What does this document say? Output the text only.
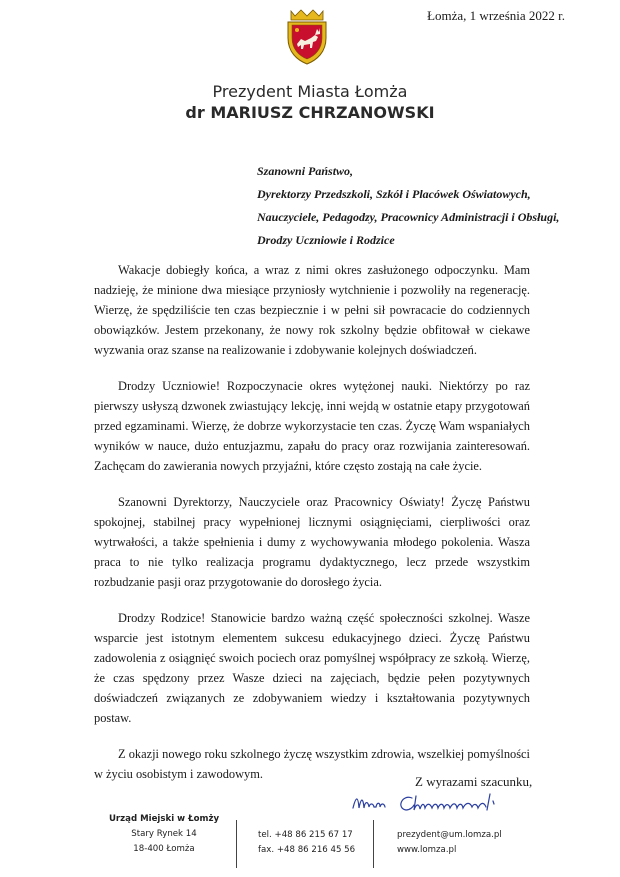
Łomża, 1 września 2022 r.
Prezydent Miasta Łomża
dr MARIUSZ CHRZANOWSKI
Szanowni Państwo,
Dyrektorzy Przedszkoli, Szkół i Placówek Oświatowych,
Nauczyciele, Pedagodzy, Pracownicy Administracji i Obsługi,
Drodzy Uczniowie i Rodzice

Wakacje dobiegły końca, a wraz z nimi okres zasłużonego odpoczynku. Mam nadzieję, że minione dwa miesiące przyniosły wytchnienie i pozwoliły na regenerację. Wierzę, że spędziliście ten czas bezpiecznie i w pełni sił powracacie do codziennych obowiązków. Jestem przekonany, że nowy rok szkolny będzie obfitował w ciekawe wyzwania oraz szanse na realizowanie i zdobywanie kolejnych doświadczeń.

Drodzy Uczniowie! Rozpoczynacie okres wytężonej nauki. Niektórzy po raz pierwszy usłyszą dzwonek zwiastujący lekcję, inni wejdą w ostatnie etapy przygotowań przed egzaminami. Wierzę, że dobrze wykorzystacie ten czas. Życzę Wam wspaniałych wyników w nauce, dużo entuzjazmu, zapału do pracy oraz rozwijania zainteresowań. Zachęcam do zawierania nowych przyjaźni, które często zostają na całe życie.

Szanowni Dyrektorzy, Nauczyciele oraz Pracownicy Oświaty! Życzę Państwu spokojnej, stabilnej pracy wypełnionej licznymi osiągnięciami, cierpliwości oraz wytrwałości, a także spełnienia i dumy z wychowywania młodego pokolenia. Wasza praca to nie tylko realizacja programu dydaktycznego, lecz przede wszystkim rozbudzanie pasji oraz przygotowanie do dorosłego życia.

Drodzy Rodzice! Stanowicie bardzo ważną część społeczności szkolnej. Wasze wsparcie jest istotnym elementem sukcesu edukacyjnego dzieci. Życzę Państwu zadowolenia z osiągnięć swoich pociech oraz pomyślnej współpracy ze szkołą. Wierzę, że czas spędzony przez Wasze dzieci na zajęciach, będzie pełen pozytywnych doświadczeń związanych ze zdobywaniem wiedzy i kształtowania pozytywnych postaw.

Z okazji nowego roku szkolnego życzę wszystkim zdrowia, wszelkiej pomyślności w życiu osobistym i zawodowym.	Z wyrazami szacunku,
Urząd Miejski w Łomży
Stary Rynek 14
18-400 Łomża
tel. +48 86 215 67 17
fax. +48 86 216 45 56
prezydent@um.lomza.pl
www.lomza.pl
